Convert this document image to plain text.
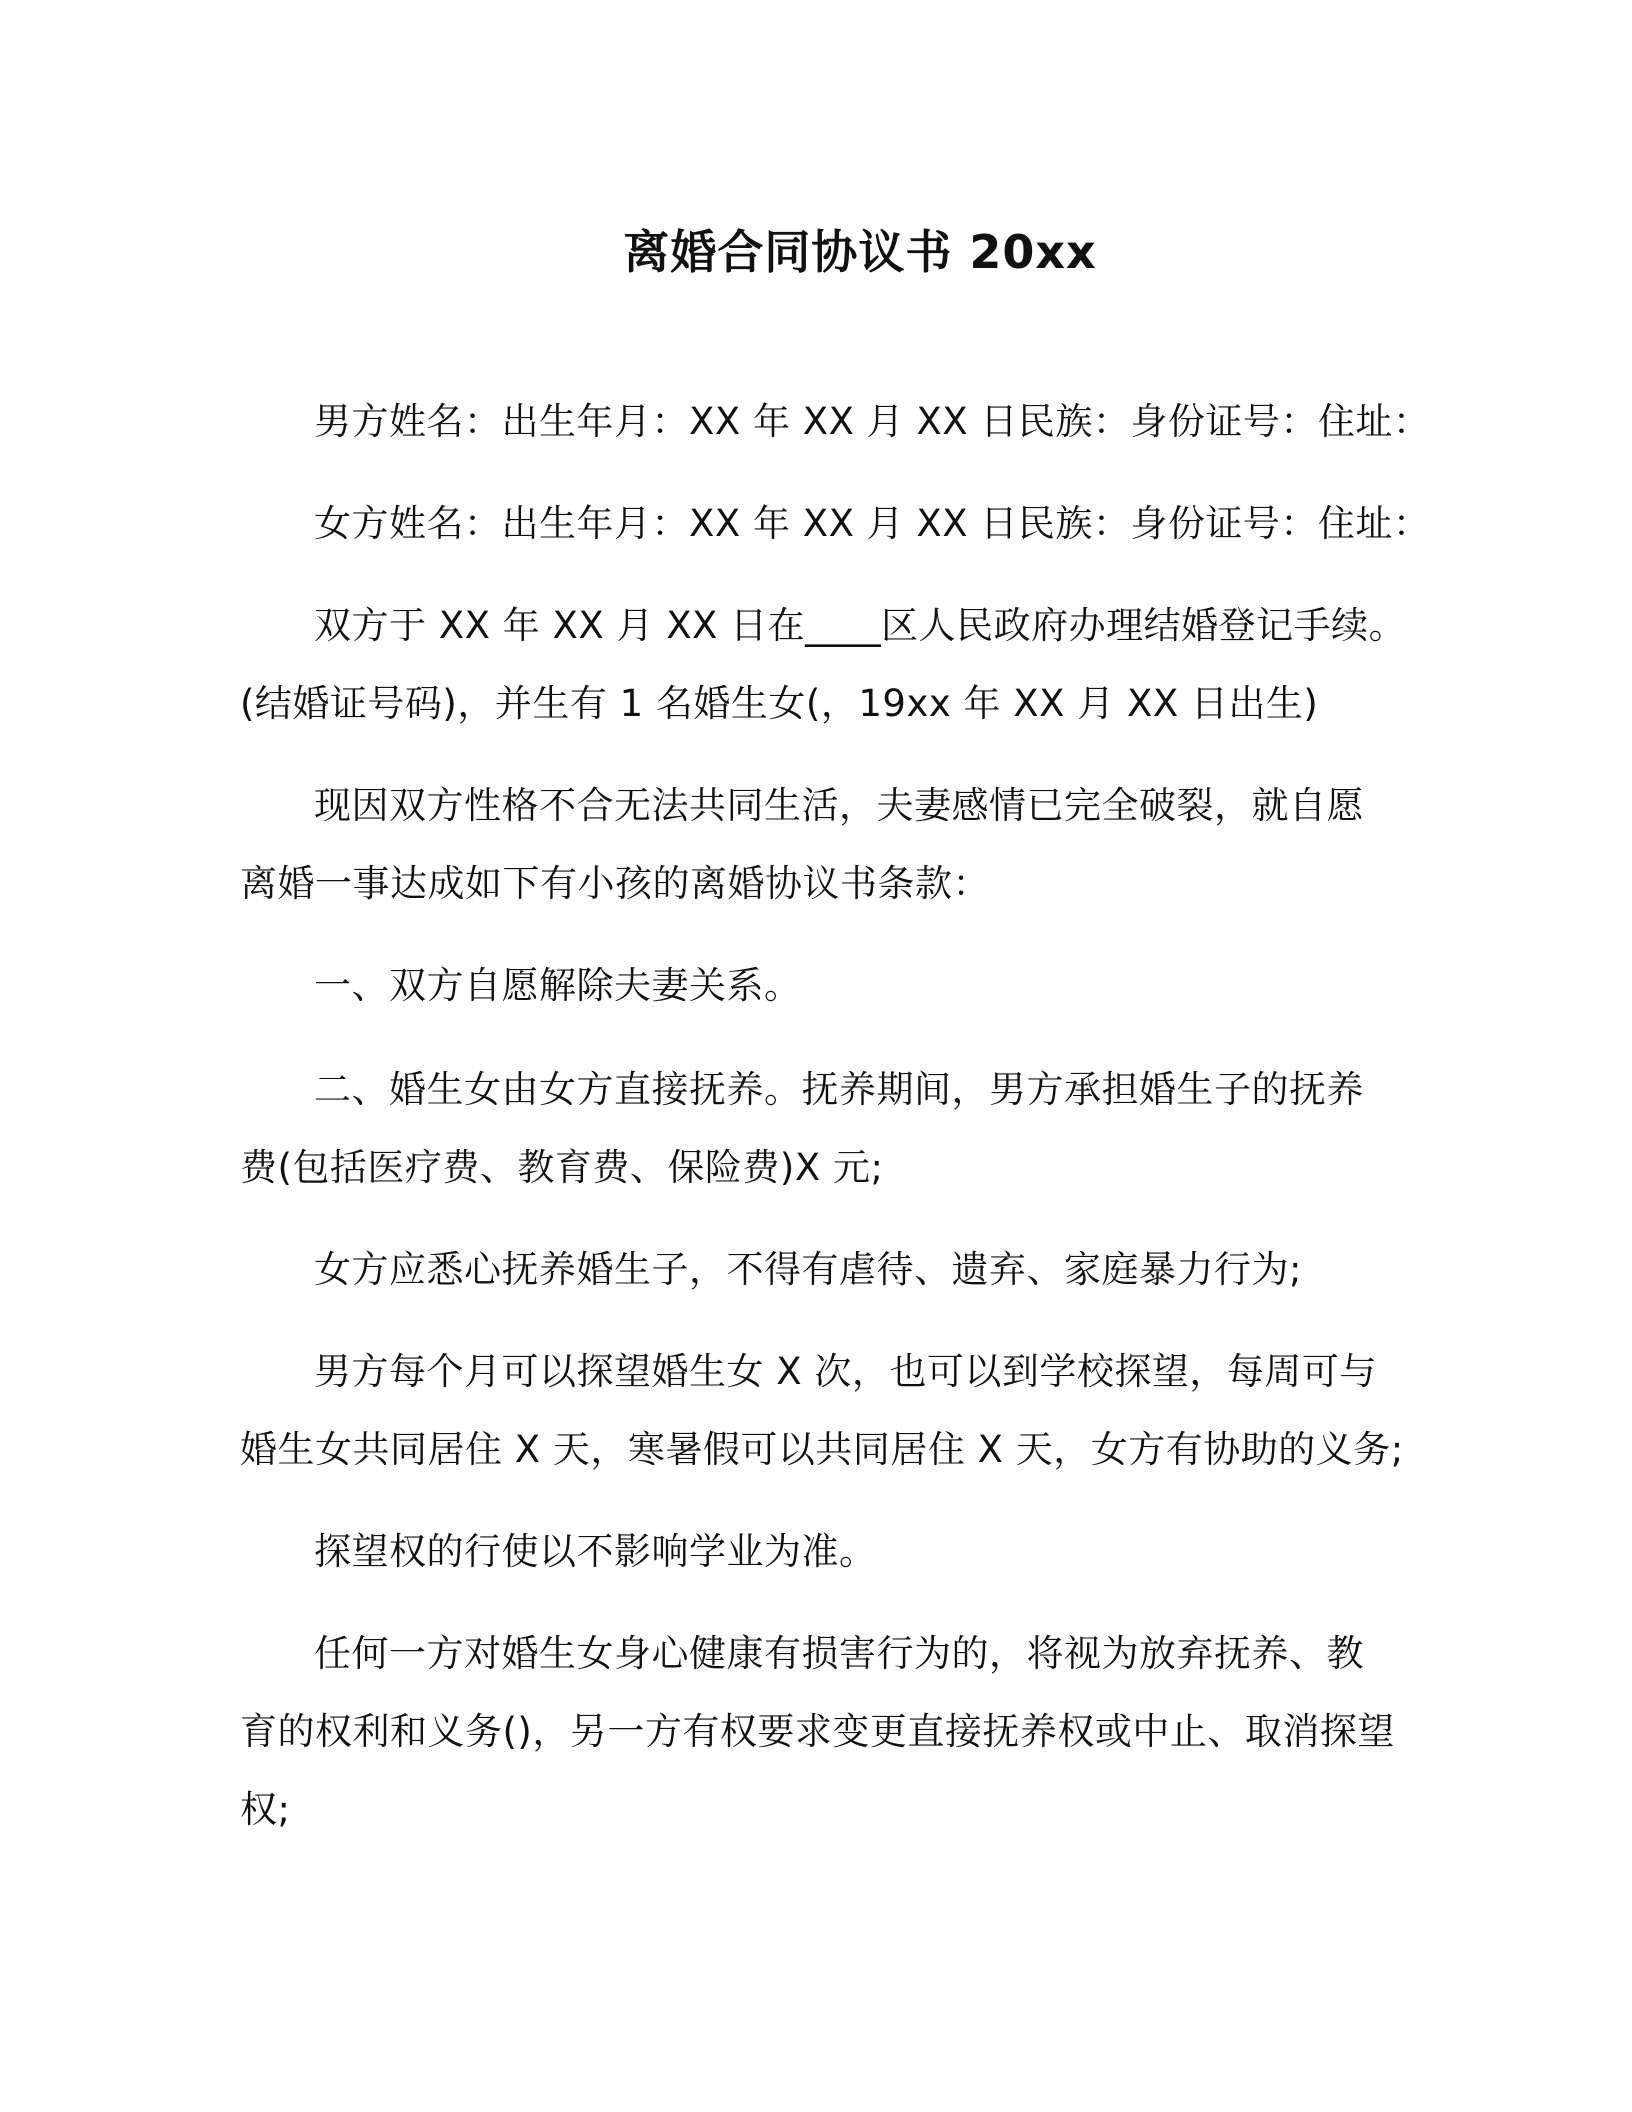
离婚合同协议书 20xx
男方姓名：出生年月：XX 年 XX 月 XX 日民族：身份证号：住址：
女方姓名：出生年月：XX 年 XX 月 XX 日民族：身份证号：住址：
双方于 XX 年 XX 月 XX 日在____区人民政府办理结婚登记手续。
(结婚证号码)，并生有 1 名婚生女(，19xx 年 XX 月 XX 日出生)
现因双方性格不合无法共同生活，夫妻感情已完全破裂，就自愿
离婚一事达成如下有小孩的离婚协议书条款：
一、双方自愿解除夫妻关系。
二、婚生女由女方直接抚养。抚养期间，男方承担婚生子的抚养
费(包括医疗费、教育费、保险费)X 元;
女方应悉心抚养婚生子，不得有虐待、遗弃、家庭暴力行为;
男方每个月可以探望婚生女 X 次，也可以到学校探望，每周可与
婚生女共同居住 X 天，寒暑假可以共同居住 X 天，女方有协助的义务;
探望权的行使以不影响学业为准。
任何一方对婚生女身心健康有损害行为的，将视为放弃抚养、教
育的权利和义务()，另一方有权要求变更直接抚养权或中止、取消探望
权;
